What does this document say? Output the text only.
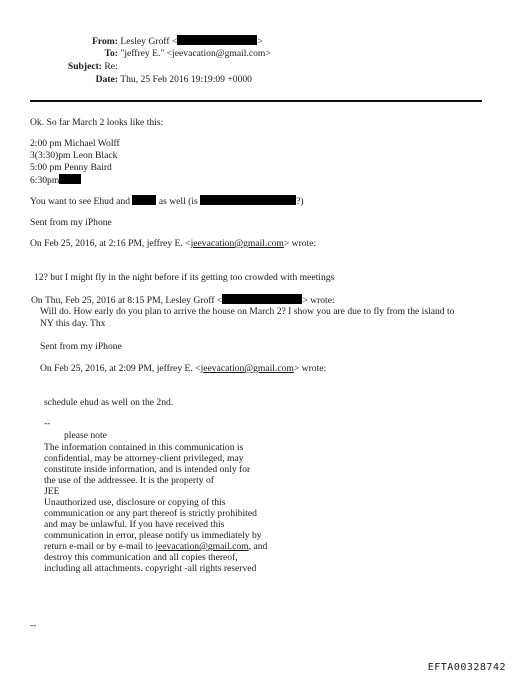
From: Lesley Groff <	>
To: "jeffrey E." <jeevacation@gmail.com>
Subject: Re:
Date: Thu, 25 Feb 2016 19:19:09 +0000
Ok. So far March 2 looks like this:
2:00 pm Michael Wolff
3(3:30)pm Leon Black
5:00 pm Penny Baird
6:30pm
You want to see Ehud and	as well (is	?)
Sent from my iPhone
On Feb 25, 2016, at 2:16 PM, jeffrey E. <jeevacation@gmail.com> wrote:
12? but I might fly in the night before if its getting too crowded with meetings
On Thu, Feb 25, 2016 at 8:15 PM, Lesley Groff <	> wrote:
Will do. How early do you plan to arrive the house on March 2? I show you are due to fly from the island to
NY this day. Thx
Sent from my iPhone
On Feb 25, 2016, at 2:09 PM, jeffrey E. <jeevacation@gmail.com> wrote:
schedule ehud as well on the 2nd.
--
please note
The information contained in this communication is
confidential, may be attorney-client privileged, may
constitute inside information, and is intended only for
the use of the addressee. It is the property of
JEE
Unauthorized use, disclosure or copying of this
communication or any part thereof is strictly prohibited
and may be unlawful. If you have received this
communication in error, please notify us immediately by
return e-mail or by e-mail to jeevacation@gmail.com, and
destroy this communication and all copies thereof,
including all attachments. copyright -all rights reserved
--
EFTA00328742
